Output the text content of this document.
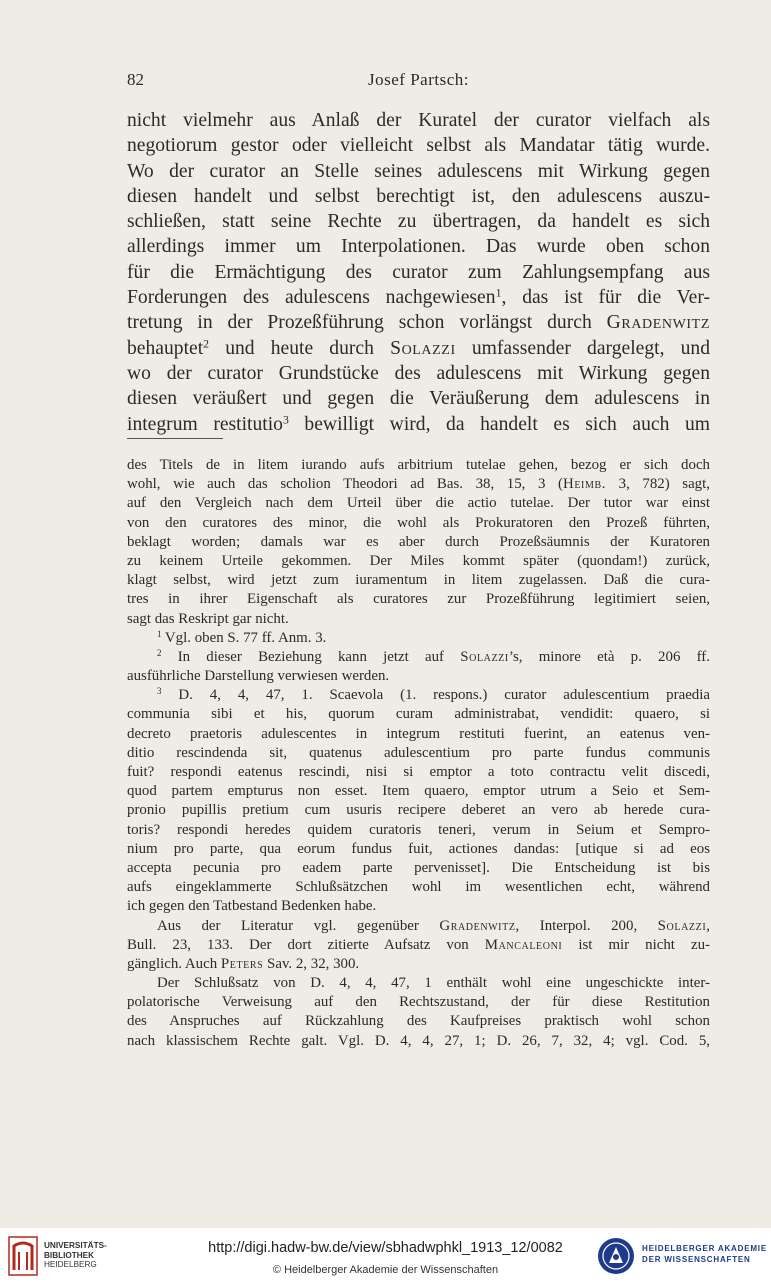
82	Josef Partsch:
nicht vielmehr aus Anlaß der Kuratel der curator vielfach als
negotiorum gestor oder vielleicht selbst als Mandatar tätig wurde.
Wo der curator an Stelle seines adulescens mit Wirkung gegen
diesen handelt und selbst berechtigt ist, den adulescens auszu-
schließen, statt seine Rechte zu übertragen, da handelt es sich
allerdings immer um Interpolationen. Das wurde oben schon
für die Ermächtigung des curator zum Zahlungsempfang aus
Forderungen des adulescens nachgewiesen$^1$, das ist für die Ver-
tretung in der Prozeßführung schon vorlängst durch Gradenwitz
behauptet$^2$ und heute durch Solazzi umfassender dargelegt, und
wo der curator Grundstücke des adulescens mit Wirkung gegen
diesen veräußert und gegen die Veräußerung dem adulescens in
integrum restitutio$^3$ bewilligt wird, da handelt es sich auch um
des Titels de in litem iurando aufs arbitrium tutelae gehen, bezog er sich doch
wohl, wie auch das scholion Theodori ad Bas. 38, 15, 3 (Heimb. 3, 782) sagt,
auf den Vergleich nach dem Urteil über die actio tutelae. Der tutor war einst
von den curatores des minor, die wohl als Prokuratoren den Prozeß führten,
beklagt worden; damals war es aber durch Prozeßsäumnis der Kuratoren
zu keinem Urteile gekommen. Der Miles kommt später (quondam!) zurück,
klagt selbst, wird jetzt zum iuramentum in litem zugelassen. Daß die cura-
tres in ihrer Eigenschaft als curatores zur Prozeßführung legitimiert seien,
sagt das Reskript gar nicht.
$^1$ Vgl. oben S. 77 ff. Anm. 3.
$^2$ In dieser Beziehung kann jetzt auf Solazzi’s, minore età p. 206 ff.
ausführliche Darstellung verwiesen werden.
$^3$ D. 4, 4, 47, 1. Scaevola (1. respons.) curator adulescentium praedia
communia sibi et his, quorum curam administrabat, vendidit: quaero, si
decreto praetoris adulescentes in integrum restituti fuerint, an eatenus ven-
ditio rescindenda sit, quatenus adulescentium pro parte fundus communis
fuit? respondi eatenus rescindi, nisi si emptor a toto contractu velit discedi,
quod partem empturus non esset. Item quaero, emptor utrum a Seio et Sem-
pronio pupillis pretium cum usuris recipere deberet an vero ab herede cura-
toris? respondi heredes quidem curatoris teneri, verum in Seium et Sempro-
nium pro parte, qua eorum fundus fuit, actiones dandas: [utique si ad eos
accepta pecunia pro eadem parte pervenisset]. Die Entscheidung ist bis
aufs eingeklammerte Schlußsätzchen wohl im wesentlichen echt, während
ich gegen den Tatbestand Bedenken habe.
Aus der Literatur vgl. gegenüber Gradenwitz, Interpol. 200, Solazzi,
Bull. 23, 133. Der dort zitierte Aufsatz von Mancaleoni ist mir nicht zu-
gänglich. Auch Peters Sav. 2, 32, 300.
Der Schlußsatz von D. 4, 4, 47, 1 enthält wohl eine ungeschickte inter-
polatorische Verweisung auf den Rechtszustand, der für diese Restitution
des Anspruches auf Rückzahlung des Kaufpreises praktisch wohl schon
nach klassischem Rechte galt. Vgl. D. 4, 4, 27, 1; D. 26, 7, 32, 4; vgl. Cod. 5,
UNIVERSITÄTS-
BIBLIOTHEK
HEIDELBERG
http://digi.hadw-bw.de/view/sbhadwphkl_1913_12/0082
© Heidelberger Akademie der Wissenschaften
HEIDELBERGER AKADEMIE
DER WISSENSCHAFTEN
